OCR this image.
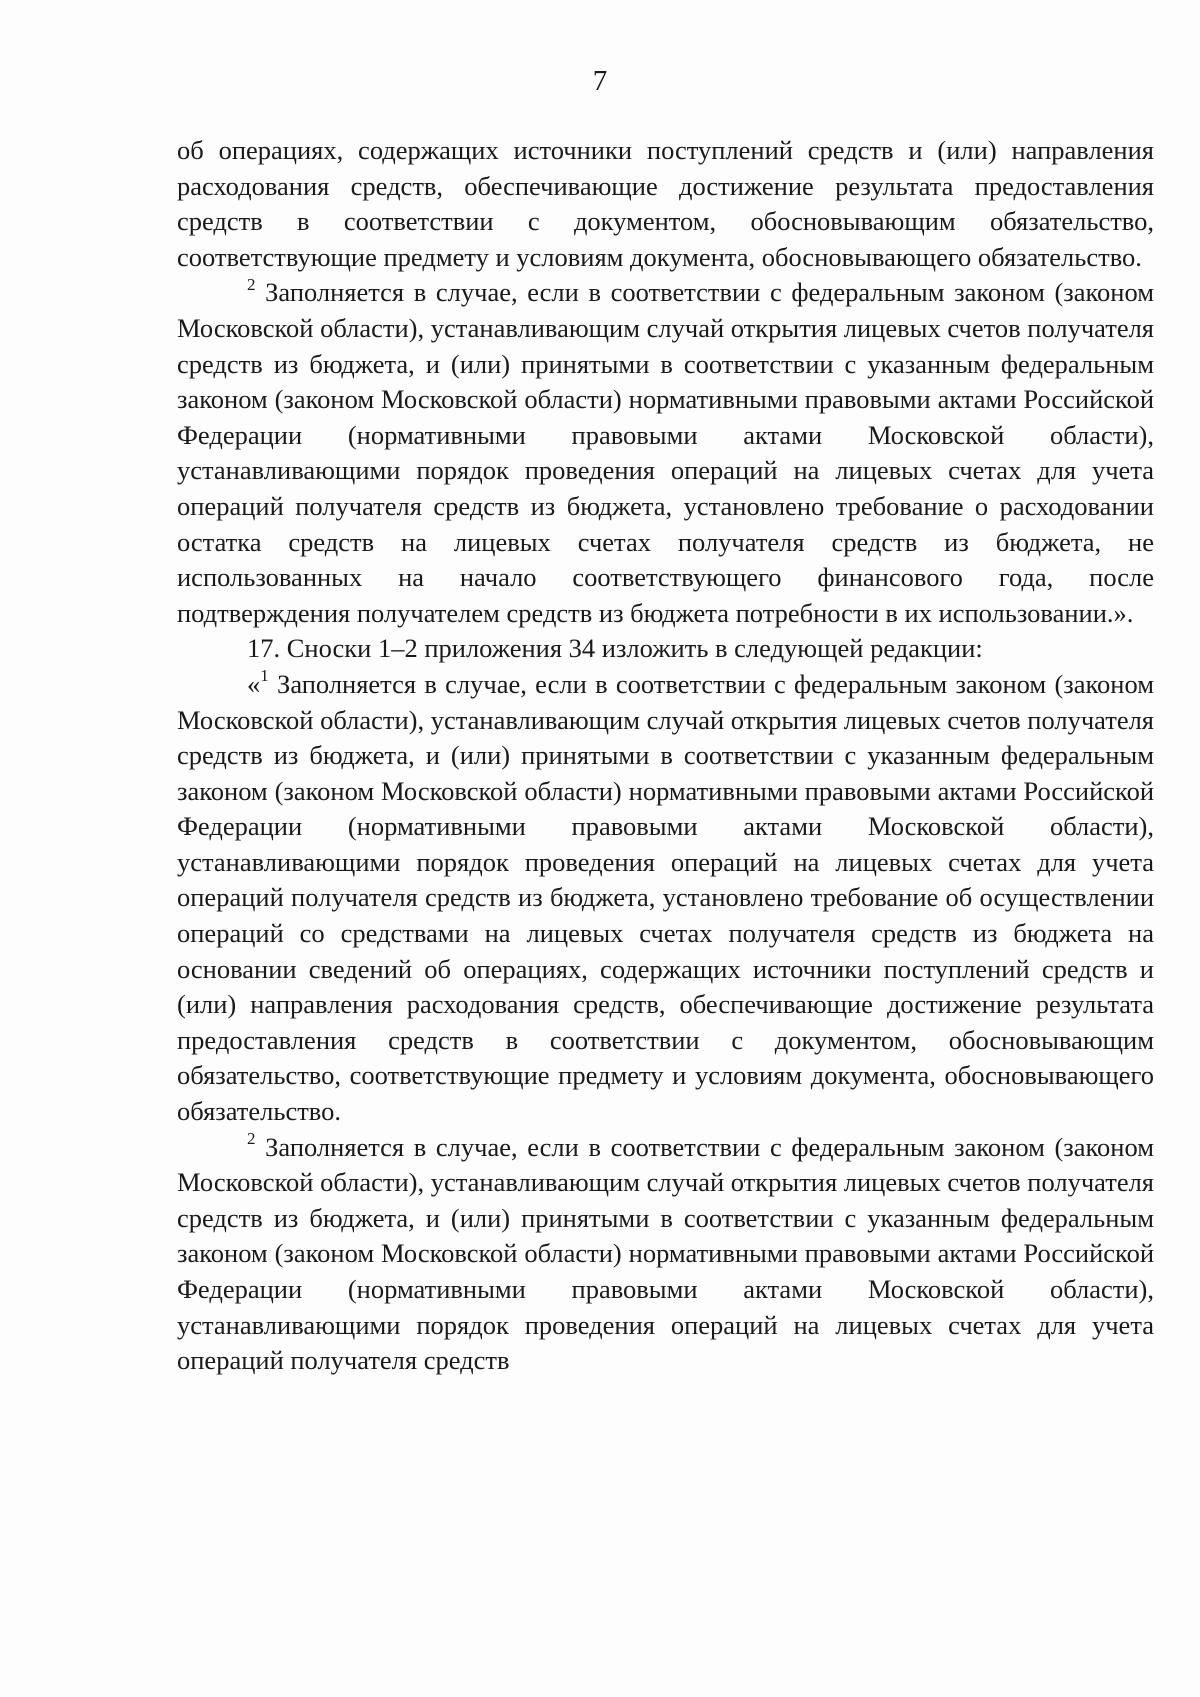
7

об операциях, содержащих источники поступлений средств и (или) направления расходования средств, обеспечивающие достижение результата предоставления средств в соответствии с документом, обосновывающим обязательство, соответствующие предмету и условиям документа, обосновывающего обязательство.

$^2$ Заполняется в случае, если в соответствии с федеральным законом (законом Московской области), устанавливающим случай открытия лицевых счетов получателя средств из бюджета, и (или) принятыми в соответствии с указанным федеральным законом (законом Московской области) нормативными правовыми актами Российской Федерации (нормативными правовыми актами Московской области), устанавливающими порядок проведения операций на лицевых счетах для учета операций получателя средств из бюджета, установлено требование о расходовании остатка средств на лицевых счетах получателя средств из бюджета, не использованных на начало соответствующего финансового года, после подтверждения получателем средств из бюджета потребности в их использовании.».

17. Сноски 1–2 приложения 34 изложить в следующей редакции:

«$^1$ Заполняется в случае, если в соответствии с федеральным законом (законом Московской области), устанавливающим случай открытия лицевых счетов получателя средств из бюджета, и (или) принятыми в соответствии с указанным федеральным законом (законом Московской области) нормативными правовыми актами Российской Федерации (нормативными правовыми актами Московской области), устанавливающими порядок проведения операций на лицевых счетах для учета операций получателя средств из бюджета, установлено требование об осуществлении операций со средствами на лицевых счетах получателя средств из бюджета на основании сведений об операциях, содержащих источники поступлений средств и (или) направления расходования средств, обеспечивающие достижение результата предоставления средств в соответствии с документом, обосновывающим обязательство, соответствующие предмету и условиям документа, обосновывающего обязательство.

$^2$ Заполняется в случае, если в соответствии с федеральным законом (законом Московской области), устанавливающим случай открытия лицевых счетов получателя средств из бюджета, и (или) принятыми в соответствии с указанным федеральным законом (законом Московской области) нормативными правовыми актами Российской Федерации (нормативными правовыми актами Московской области), устанавливающими порядок проведения операций на лицевых счетах для учета операций получателя средств
